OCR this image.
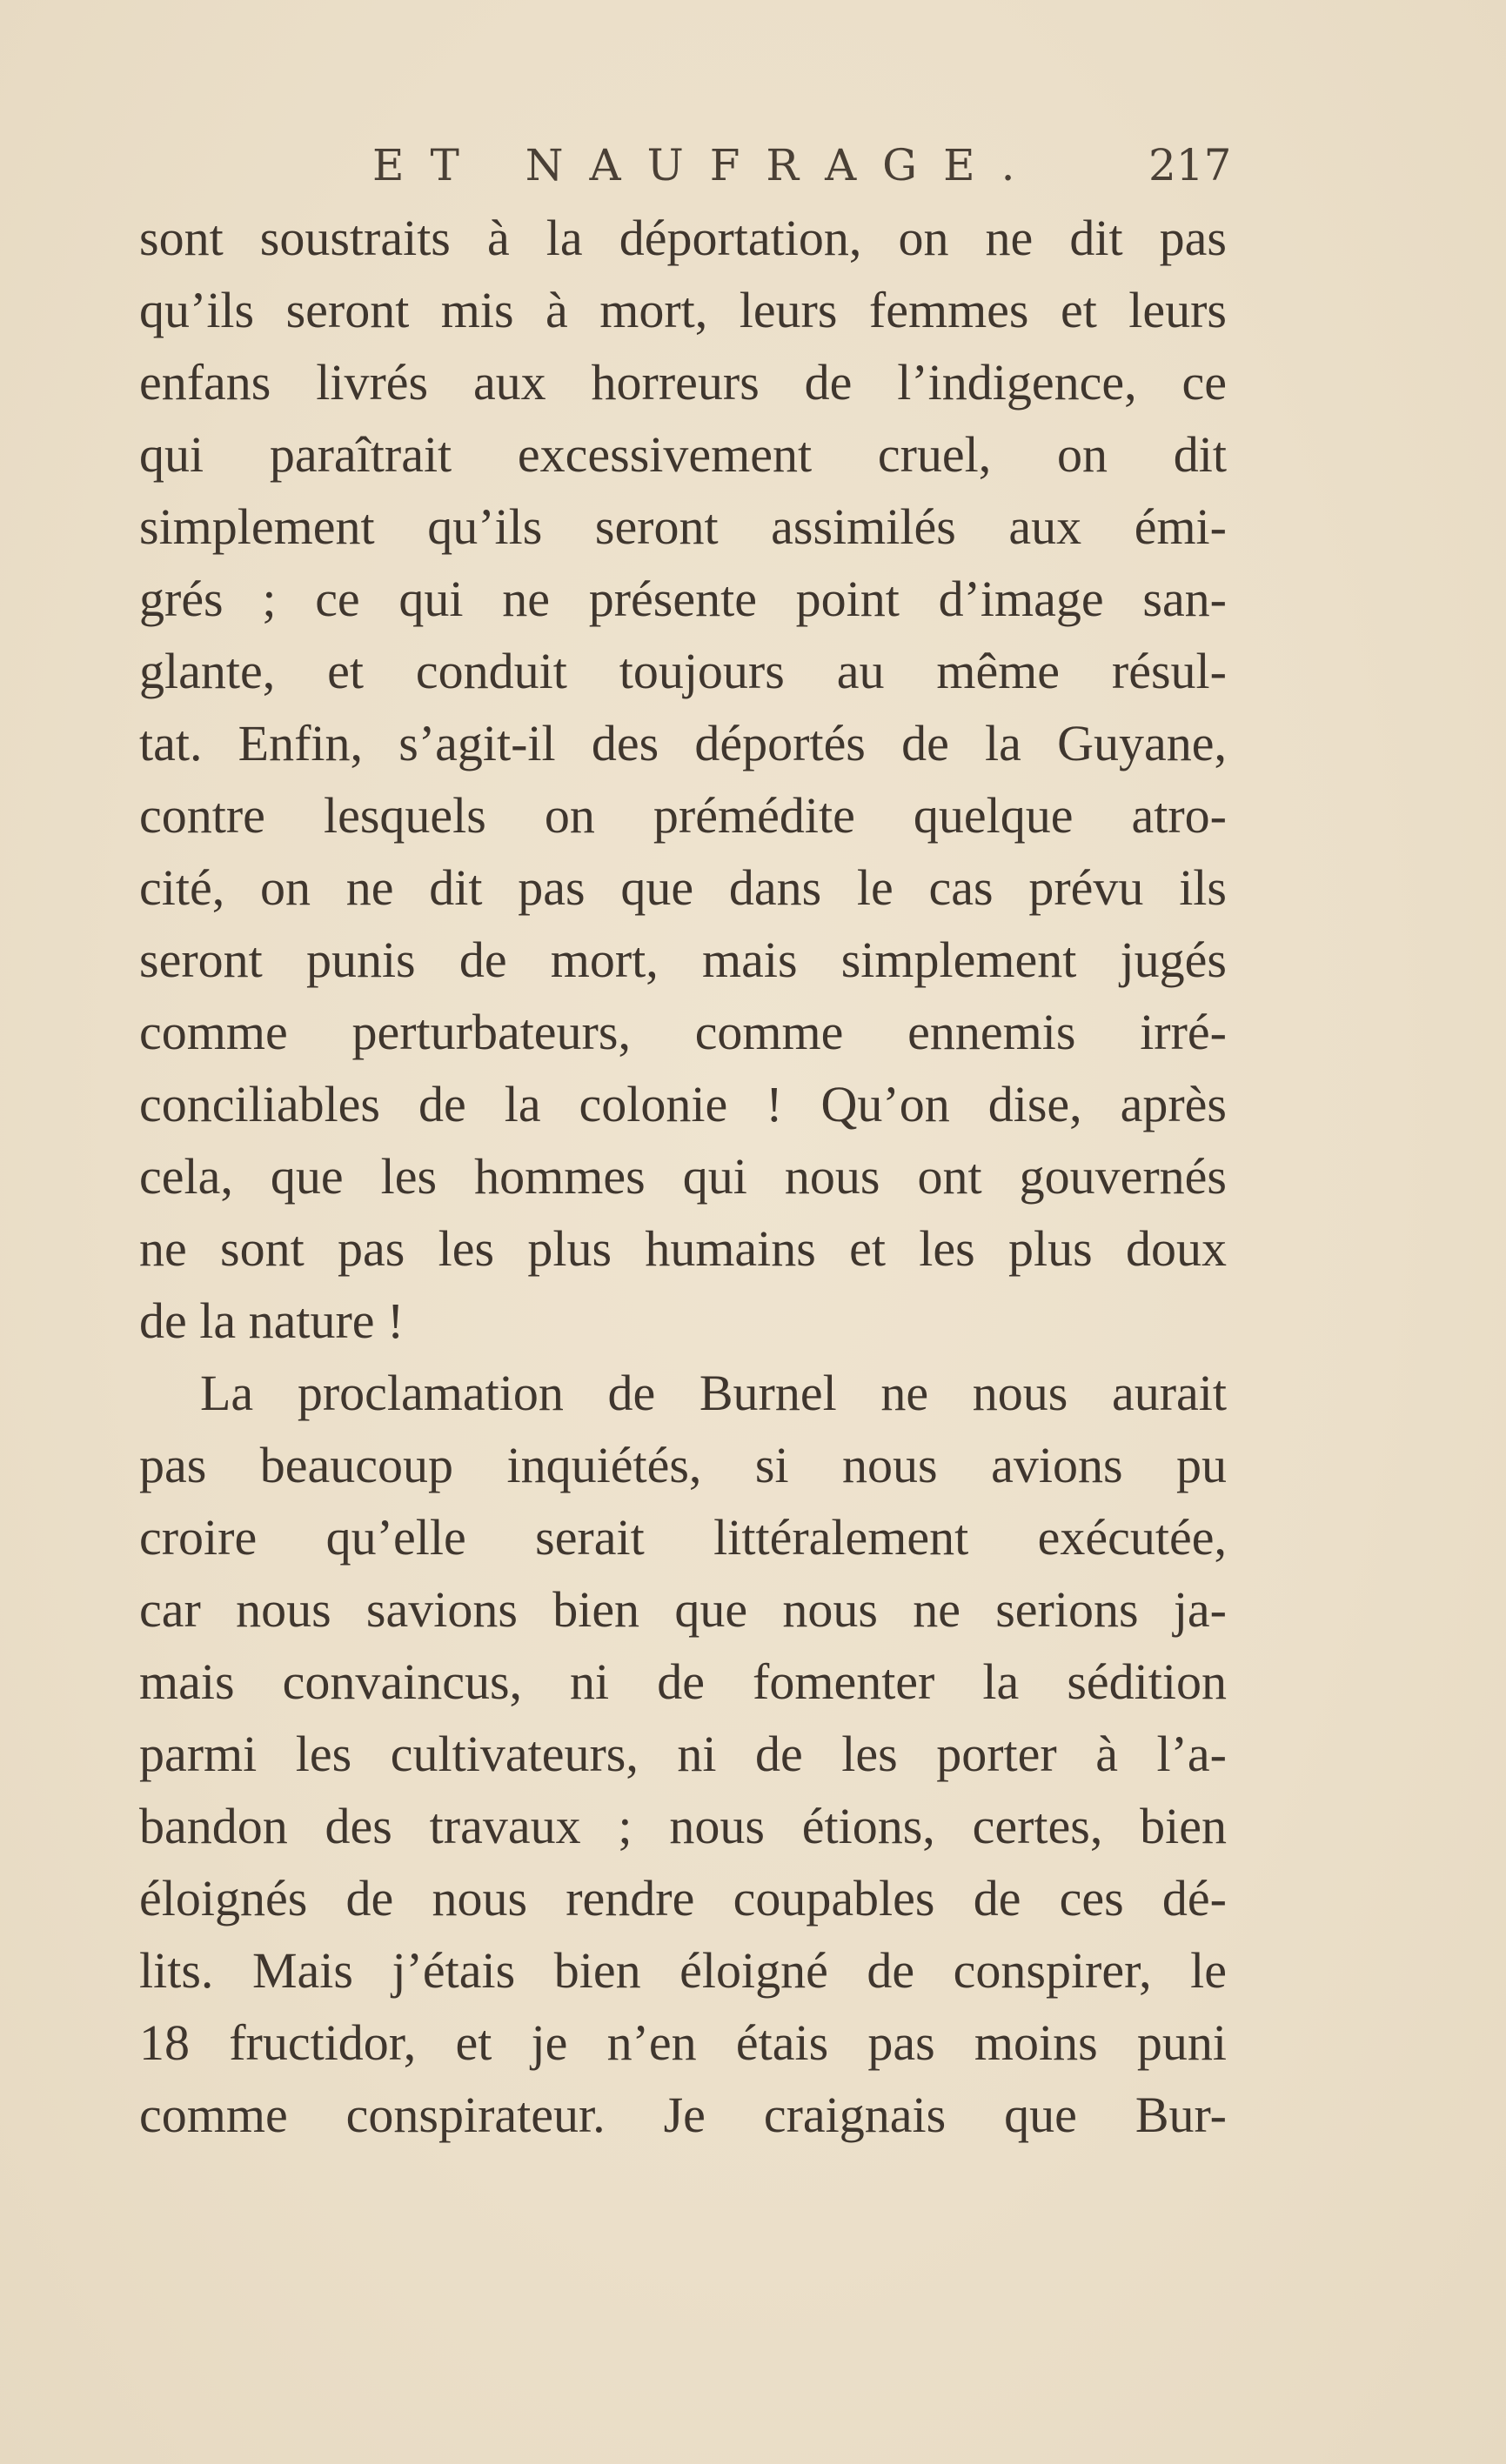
ET NAUFRAGE. 217
sont soustraits à la déportation, on ne dit pas
qu’ils seront mis à mort, leurs femmes et leurs
enfans livrés aux horreurs de l’indigence, ce
qui paraîtrait excessivement cruel, on dit
simplement qu’ils seront assimilés aux émi-
grés ; ce qui ne présente point d’image san-
glante, et conduit toujours au même résul-
tat. Enfin, s’agit-il des déportés de la Guyane,
contre lesquels on prémédite quelque atro-
cité, on ne dit pas que dans le cas prévu ils
seront punis de mort, mais simplement jugés
comme perturbateurs, comme ennemis irré-
conciliables de la colonie ! Qu’on dise, après
cela, que les hommes qui nous ont gouvernés
ne sont pas les plus humains et les plus doux
de la nature !
La proclamation de Burnel ne nous aurait
pas beaucoup inquiétés, si nous avions pu
croire qu’elle serait littéralement exécutée,
car nous savions bien que nous ne serions ja-
mais convaincus, ni de fomenter la sédition
parmi les cultivateurs, ni de les porter à l’a-
bandon des travaux ; nous étions, certes, bien
éloignés de nous rendre coupables de ces dé-
lits. Mais j’étais bien éloigné de conspirer, le
18 fructidor, et je n’en étais pas moins puni
comme conspirateur. Je craignais que Bur-
